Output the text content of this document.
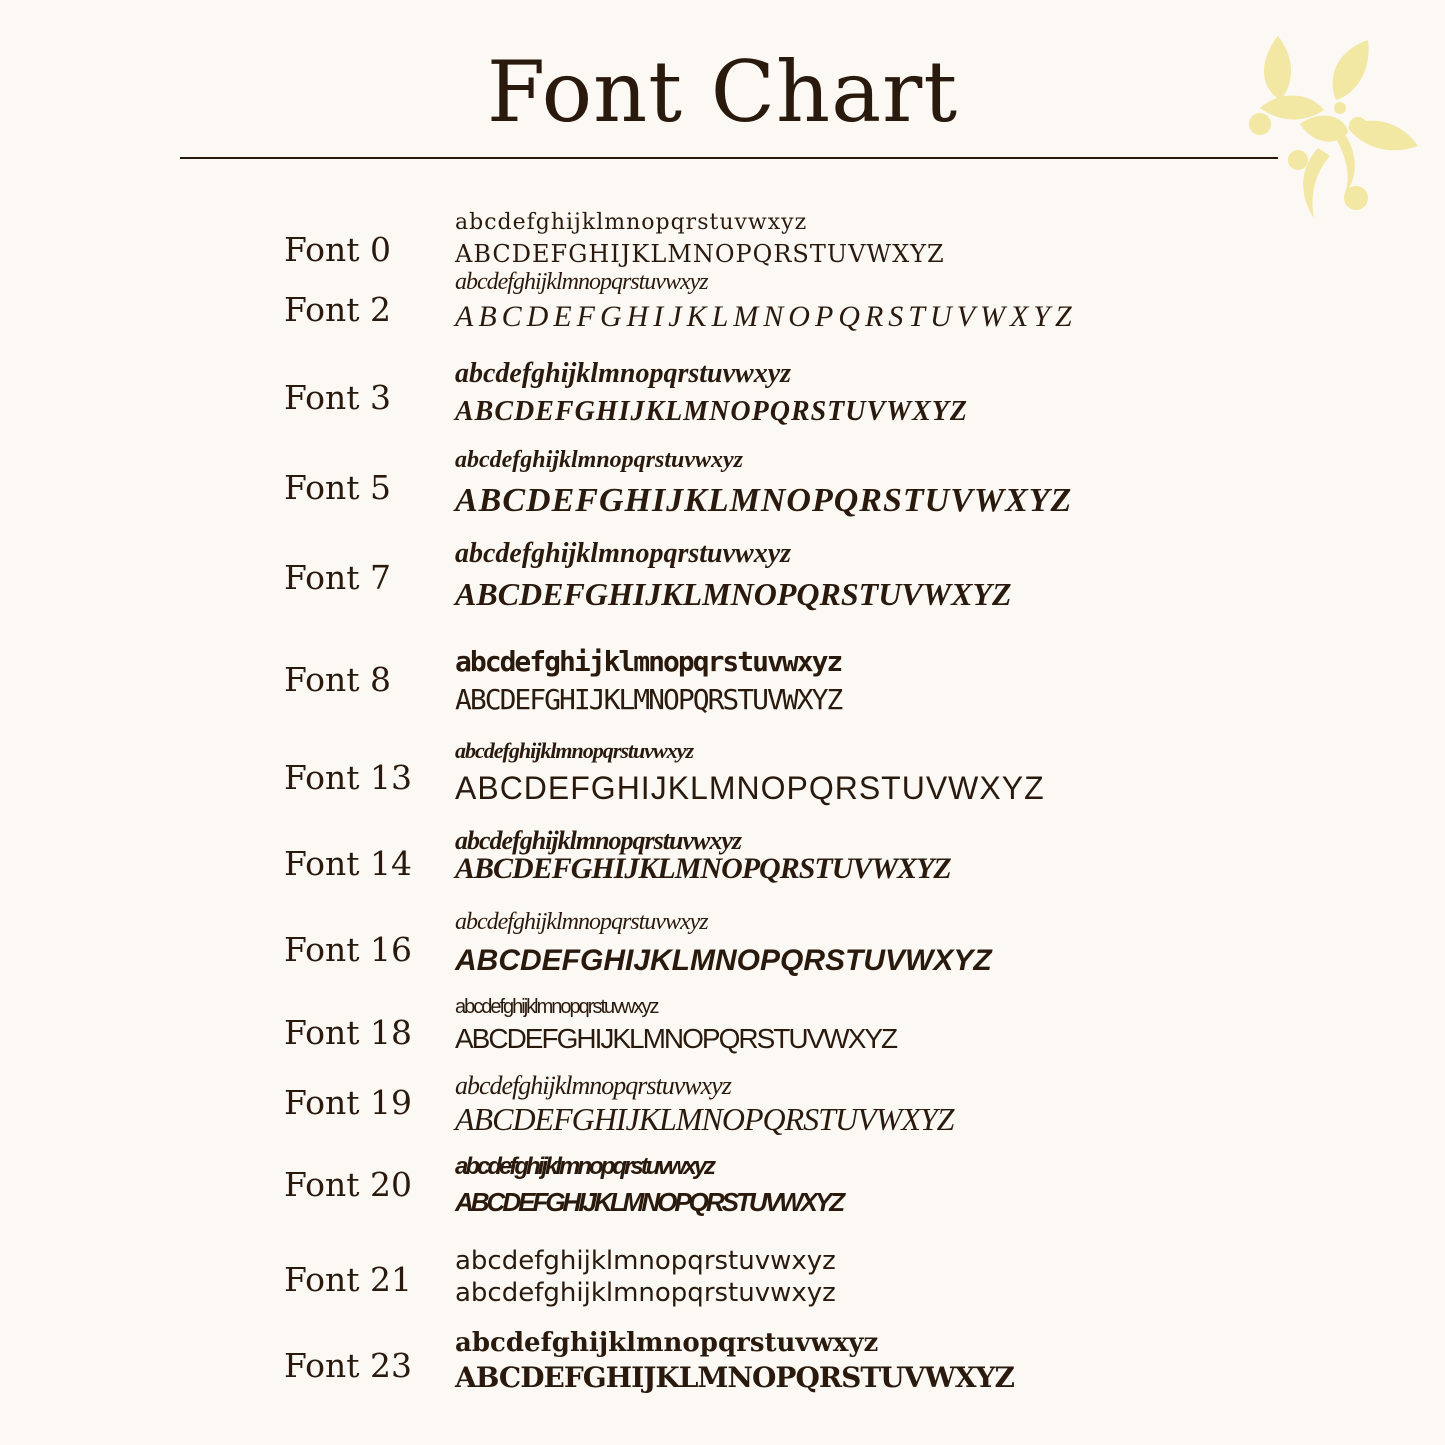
Font Chart
Font 0
abcdefghijklmnopqrstuvwxyz
ABCDEFGHIJKLMNOPQRSTUVWXYZ
Font 2
abcdefghijklmnopqrstuvwxyz
ABCDEFGHIJKLMNOPQRSTUVWXYZ
Font 3
abcdefghijklmnopqrstuvwxyz
ABCDEFGHIJKLMNOPQRSTUVWXYZ
Font 5
abcdefghijklmnopqrstuvwxyz
ABCDEFGHIJKLMNOPQRSTUVWXYZ
Font 7
abcdefghijklmnopqrstuvwxyz
ABCDEFGHIJKLMNOPQRSTUVWXYZ
Font 8 abcdefghijklmnopqrstuvwxyz
ABCDEFGHIJKLMNOPQRSTUVWXYZ
Font 13
abcdefghijklmnopqrstuvwxyz
ABCDEFGHIJKLMNOPQRSTUVWXYZ
Font 14
abcdefghijklmnopqrstuvwxyz
ABCDEFGHIJKLMNOPQRSTUVWXYZ
Font 16
abcdefghijklmnopqrstuvwxyz
ABCDEFGHIJKLMNOPQRSTUVWXYZ
Font 18
abcdefghijklmnopqrstuvwxyz
ABCDEFGHIJKLMNOPQRSTUVWXYZ
Font 19 abcdefghijklmnopqrstuvwxyz
ABCDEFGHIJKLMNOPQRSTUVWXYZ
Font 20 abcdefghijklmnopqrstuvwxyz
ABCDEFGHIJKLMNOPQRSTUVWXYZ
Font 21 abcdefghijklmnopqrstuvwxyz
abcdefghijklmnopqrstuvwxyz
Font 23
abcdefghijklmnopqrstuvwxyz
ABCDEFGHIJKLMNOPQRSTUVWXYZ
